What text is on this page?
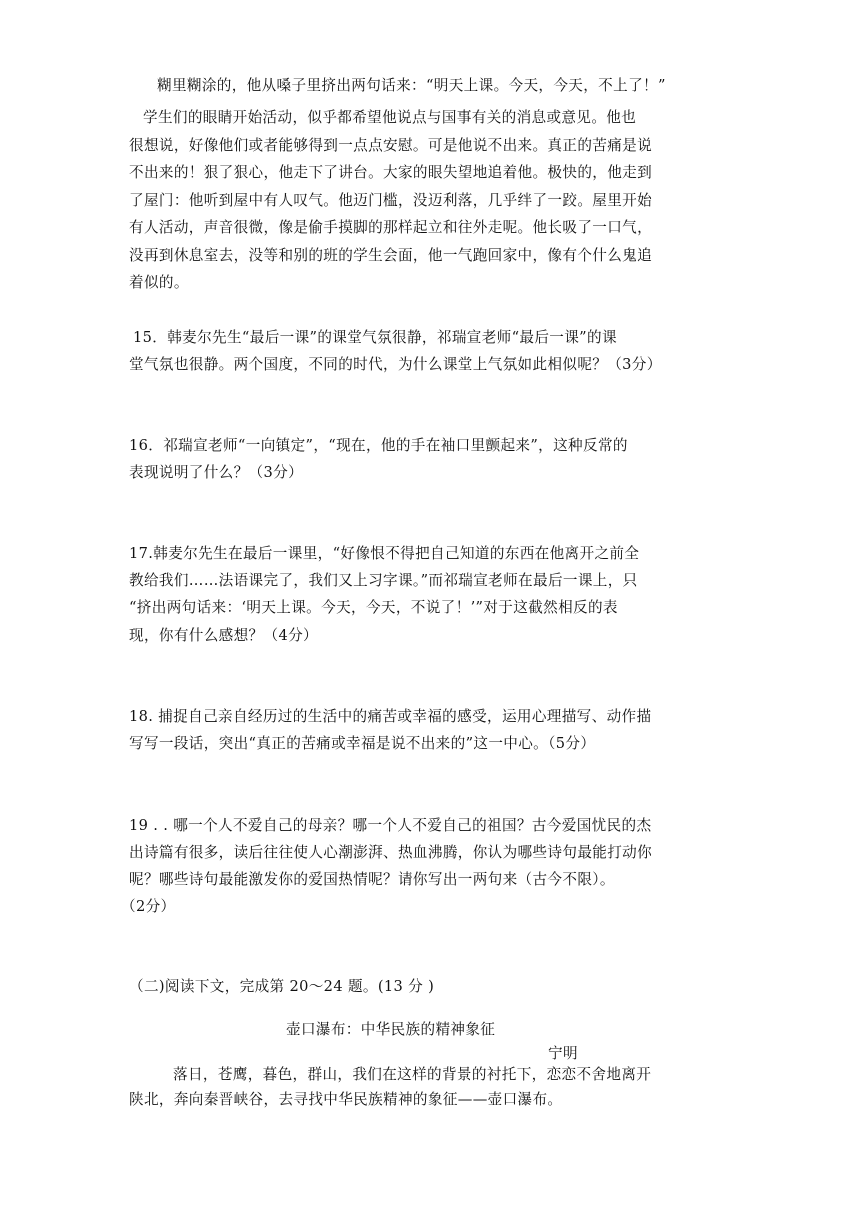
糊里糊涂的，他从嗓子里挤出两句话来：“明天上课。今天，今天，不上了！”
学生们的眼睛开始活动，似乎都希望他说点与国事有关的消息或意见。他也
很想说，好像他们或者能够得到一点点安慰。可是他说不出来。真正的苦痛是说
不出来的！狠了狠心，他走下了讲台。大家的眼失望地追着他。极快的，他走到
了屋门：他听到屋中有人叹气。他迈门槛，没迈利落，几乎绊了一跤。屋里开始
有人活动，声音很微，像是偷手摸脚的那样起立和往外走呢。他长吸了一口气，
没再到休息室去，没等和别的班的学生会面，他一气跑回家中，像有个什么鬼追
着似的。
15．韩麦尔先生“最后一课”的课堂气氛很静，祁瑞宣老师“最后一课”的课
堂气氛也很静。两个国度，不同的时代，为什么课堂上气氛如此相似呢？（3分）
16．祁瑞宣老师“一向镇定”，“现在，他的手在袖口里颤起来”，这种反常的
表现说明了什么？（3分）
17.韩麦尔先生在最后一课里，“好像恨不得把自己知道的东西在他离开之前全
教给我们……法语课完了，我们又上习字课。”而祁瑞宣老师在最后一课上，只
“挤出两句话来：‘明天上课。今天，今天，不说了！’”对于这截然相反的表
现，你有什么感想？（4分）
18. 捕捉自己亲自经历过的生活中的痛苦或幸福的感受，运用心理描写、动作描
写写一段话，突出“真正的苦痛或幸福是说不出来的”这一中心。（5分）
19 . . 哪一个人不爱自己的母亲？哪一个人不爱自己的祖国？古今爱国忧民的杰
出诗篇有很多，读后往往使人心潮澎湃、热血沸腾，你认为哪些诗句最能打动你
呢？哪些诗句最能激发你的爱国热情呢？请你写出一两句来（古今不限）。
（2分）
（二)阅读下文，完成第 20～24 题。(13 分 )
壶口瀑布：中华民族的精神象征
宁明
落日，苍鹰，暮色，群山，我们在这样的背景的衬托下，恋恋不舍地离开
陕北，奔向秦晋峡谷，去寻找中华民族精神的象征——壶口瀑布。
